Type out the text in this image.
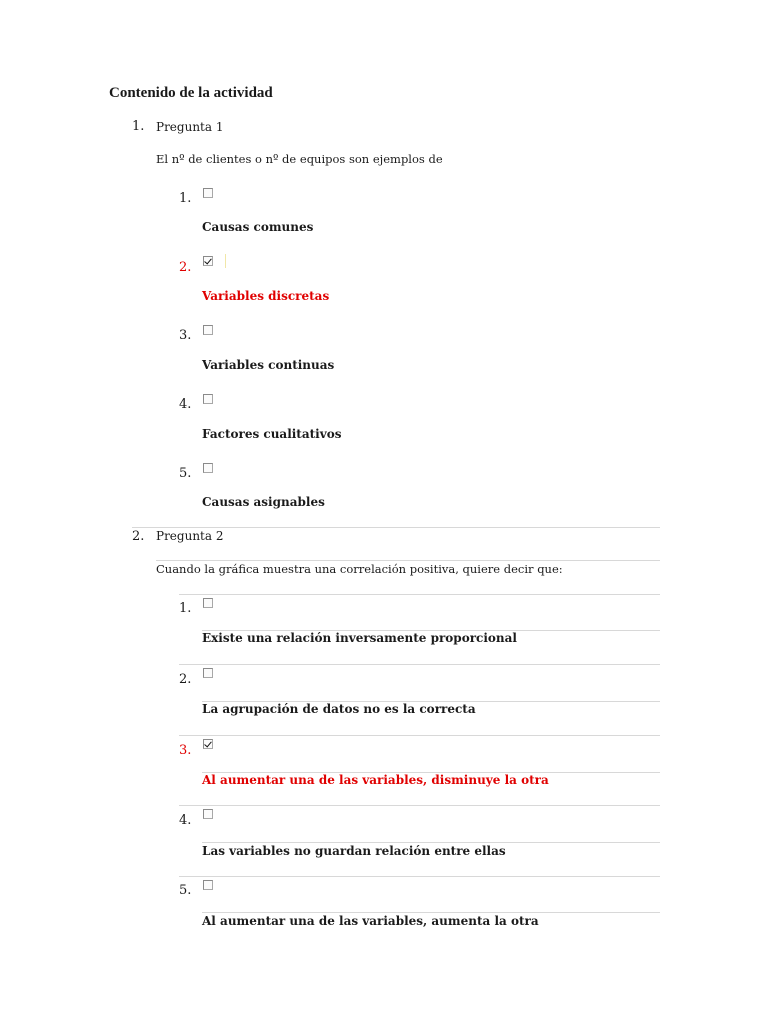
Contenido de la actividad
1. Pregunta 1
El nº de clientes o nº de equipos son ejemplos de
1.
Causas comunes
2.
Variables discretas
3.
Variables continuas
4.
Factores cualitativos
5.
Causas asignables
2. Pregunta 2
Cuando la gráfica muestra una correlación positiva, quiere decir que:
1.
Existe una relación inversamente proporcional
2.
La agrupación de datos no es la correcta
3.
Al aumentar una de las variables, disminuye la otra
4.
Las variables no guardan relación entre ellas
5.
Al aumentar una de las variables, aumenta la otra
